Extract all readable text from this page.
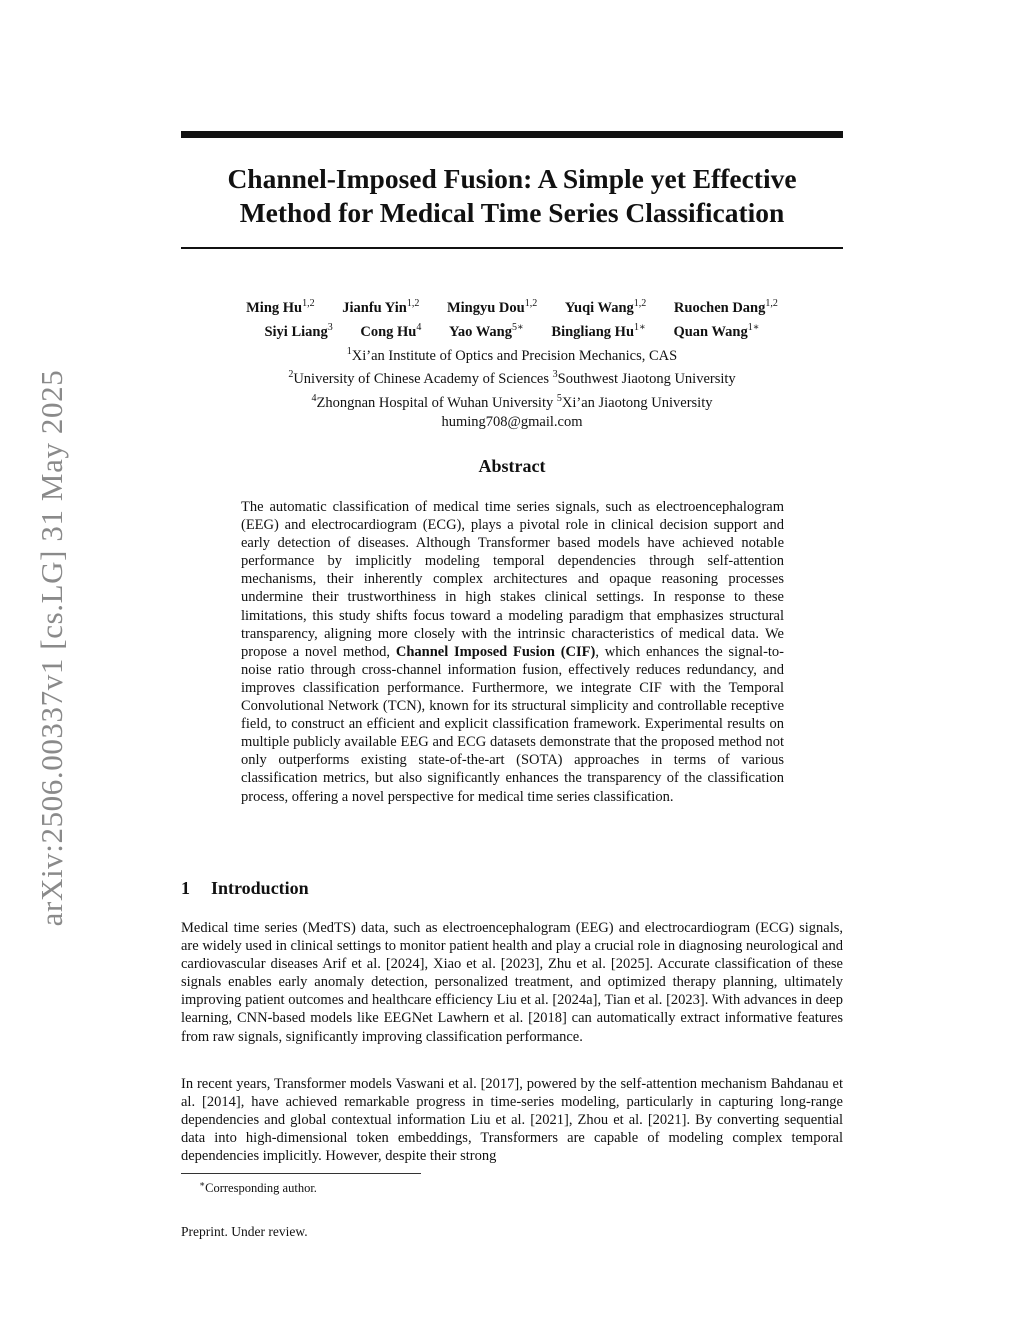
arXiv:2506.00337v1 [cs.LG] 31 May 2025
Channel-Imposed Fusion: A Simple yet Effective
Method for Medical Time Series Classification
Ming Hu$^{1,2}$ Jianfu Yin$^{1,2}$ Mingyu Dou$^{1,2}$ Yuqi Wang$^{1,2}$ Ruochen Dang$^{1,2}$
Siyi Liang$^3$ Cong Hu$^4$ Yao Wang$^{5∗}$ Bingliang $Hu^{1∗}$ Quan Wang$^{1∗}$
$^1$Xi’an Institute of Optics and Precision Mechanics, CAS
$^2$University of Chinese Academy of Sciences $^3$Southwest Jiaotong University
$^4$Zhongnan Hospital of Wuhan University $^5$Xi’an Jiaotong University
huming708@gmail.com
Abstract
The automatic classification of medical time series signals, such as electroencephalogram (EEG) and electrocardiogram (ECG), plays a pivotal role in clinical decision support and early detection of diseases. Although Transformer based models have achieved notable performance by implicitly modeling temporal dependencies through self-attention mechanisms, their inherently complex architectures and opaque reasoning processes undermine their trustworthiness in high stakes clinical settings. In response to these limitations, this study shifts focus toward a modeling paradigm that emphasizes structural transparency, aligning more closely with the intrinsic characteristics of medical data. We propose a novel method, Channel Imposed Fusion (CIF), which enhances the signal-to-noise ratio through cross-channel information fusion, effectively reduces redundancy, and improves classification performance. Furthermore, we integrate CIF with the Temporal Convolutional Network (TCN), known for its structural simplicity and controllable receptive field, to construct an efficient and explicit classification framework. Experimental results on multiple publicly available EEG and ECG datasets demonstrate that the proposed method not only outperforms existing state-of-the-art (SOTA) approaches in terms of various classification metrics, but also significantly enhances the transparency of the classification process, offering a novel perspective for medical time series classification.
1 Introduction
Medical time series (MedTS) data, such as electroencephalogram (EEG) and electrocardiogram (ECG) signals, are widely used in clinical settings to monitor patient health and play a crucial role in diagnosing neurological and cardiovascular diseases Arif et al. [2024], Xiao et al. [2023], Zhu et al. [2025]. Accurate classification of these signals enables early anomaly detection, personalized treatment, and optimized therapy planning, ultimately improving patient outcomes and healthcare efficiency Liu et al. [2024a], Tian et al. [2023]. With advances in deep learning, CNN-based models like EEGNet Lawhern et al. [2018] can automatically extract informative features from raw signals, significantly improving classification performance.
In recent years, Transformer models Vaswani et al. [2017], powered by the self-attention mechanism Bahdanau et al. [2014], have achieved remarkable progress in time-series modeling, particularly in capturing long-range dependencies and global contextual information Liu et al. [2021], Zhou et al. [2021]. By converting sequential data into high-dimensional token embeddings, Transformers are capable of modeling complex temporal dependencies implicitly. However, despite their strong
∗Corresponding author.
Preprint. Under review.
